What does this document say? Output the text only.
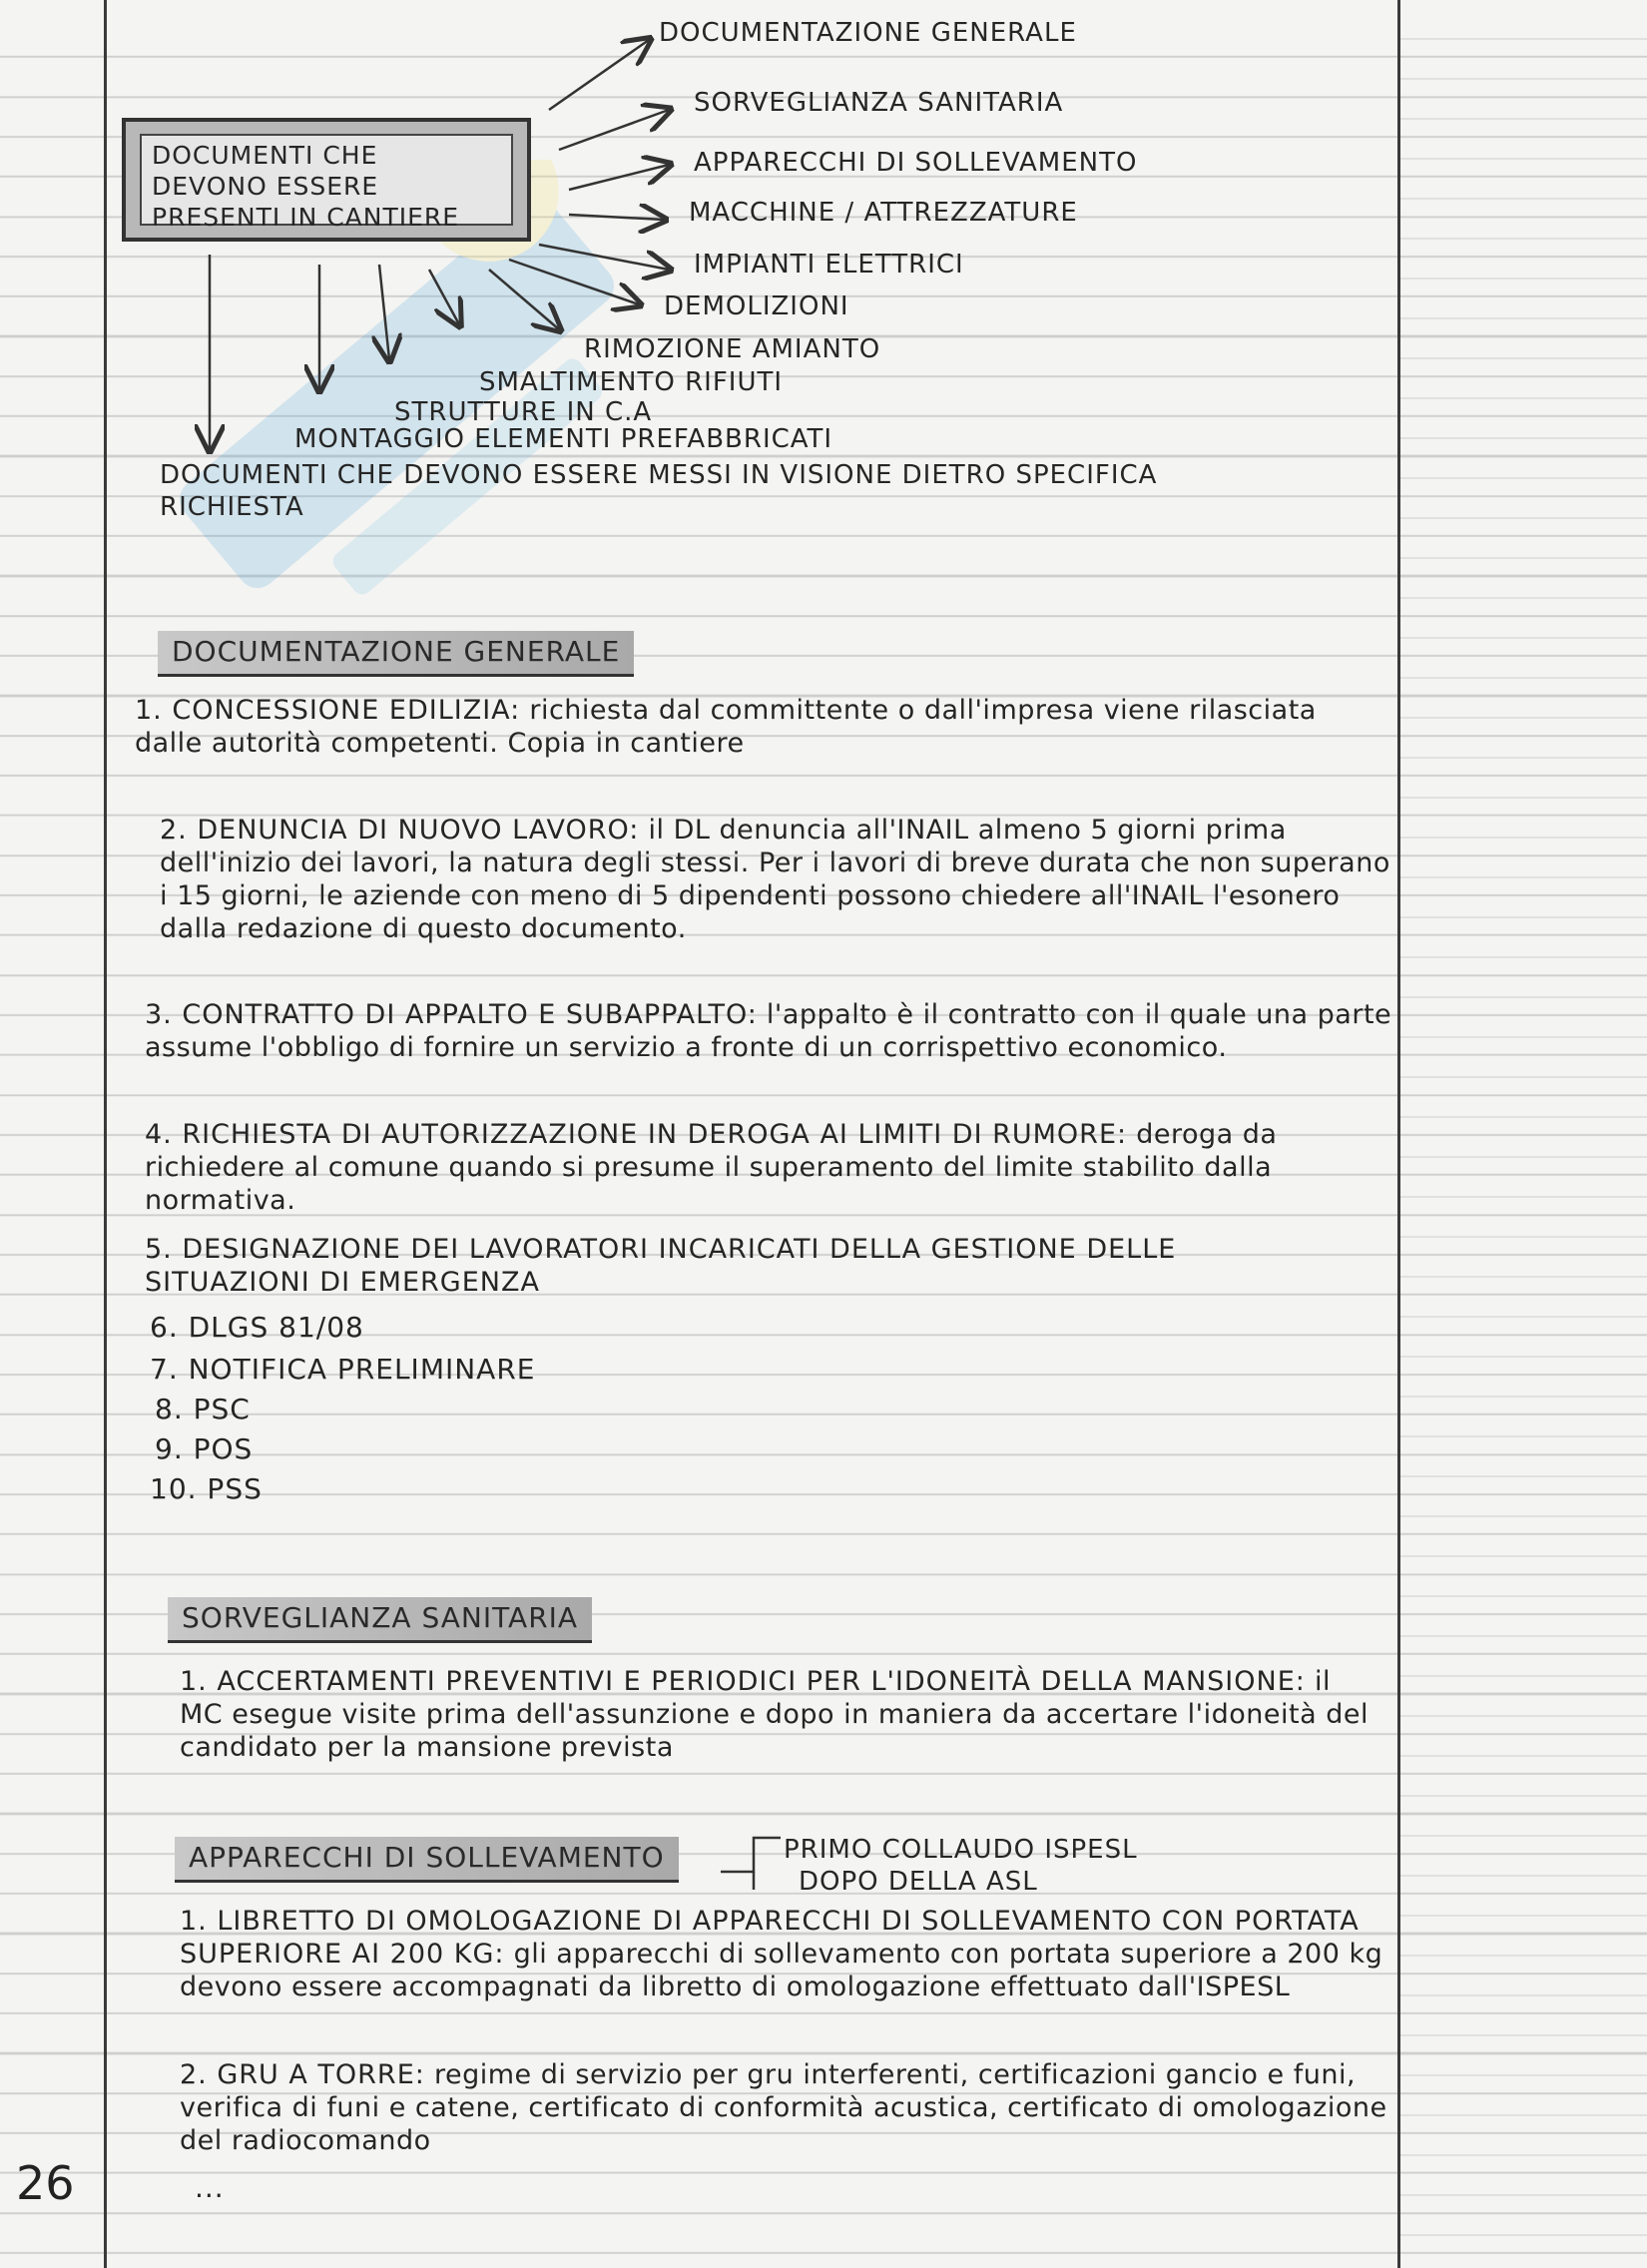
DOCUMENTI CHE DEVONO ESSERE PRESENTI IN CANTIERE
DOCUMENTAZIONE GENERALE
SORVEGLIANZA SANITARIA
APPARECCHI DI SOLLEVAMENTO
MACCHINE / ATTREZZATURE
IMPIANTI ELETTRICI
DEMOLIZIONI
RIMOZIONE AMIANTO
SMALTIMENTO RIFIUTI
STRUTTURE IN C.A
MONTAGGIO ELEMENTI PREFABBRICATI
DOCUMENTI CHE DEVONO ESSERE MESSI IN VISIONE DIETRO SPECIFICA RICHIESTA
DOCUMENTAZIONE GENERALE
1. CONCESSIONE EDILIZIA: richiesta dal committente o dall'impresa viene rilasciata dalle autorità competenti. Copia in cantiere
2. DENUNCIA DI NUOVO LAVORO: il DL denuncia all'INAIL almeno 5 giorni prima dell'inizio dei lavori, la natura degli stessi. Per i lavori di breve durata che non superano i 15 giorni, le aziende con meno di 5 dipendenti possono chiedere all'INAIL l'esonero dalla redazione di questo documento.
3. CONTRATTO DI APPALTO E SUBAPPALTO: l'appalto è il contratto con il quale una parte assume l'obbligo di fornire un servizio a fronte di un corrispettivo economico.
4. RICHIESTA DI AUTORIZZAZIONE IN DEROGA AI LIMITI DI RUMORE: deroga da richiedere al comune quando si presume il superamento del limite stabilito dalla normativa.
5. DESIGNAZIONE DEI LAVORATORI INCARICATI DELLA GESTIONE DELLE SITUAZIONI DI EMERGENZA
6. DLGS 81/08
7. NOTIFICA PRELIMINARE
8. PSC
9. POS
10. PSS
SORVEGLIANZA SANITARIA
1. ACCERTAMENTI PREVENTIVI E PERIODICI PER L'IDONEITÀ DELLA MANSIONE: il MC esegue visite prima dell'assunzione e dopo in maniera da accertare l'idoneità del candidato per la mansione prevista
APPARECCHI DI SOLLEVAMENTO	PRIMO COLLAUDO ISPESL
DOPO DELLA ASL
1. LIBRETTO DI OMOLOGAZIONE DI APPARECCHI DI SOLLEVAMENTO CON PORTATA SUPERIORE AI 200 KG: gli apparecchi di sollevamento con portata superiore a 200 kg devono essere accompagnati da libretto di omologazione effettuato dall'ISPESL
2. GRU A TORRE: regime di servizio per gru interferenti, certificazioni gancio e funi, verifica di funi e catene, certificato di conformità acustica, certificato di omologazione del radiocomando
...
26
